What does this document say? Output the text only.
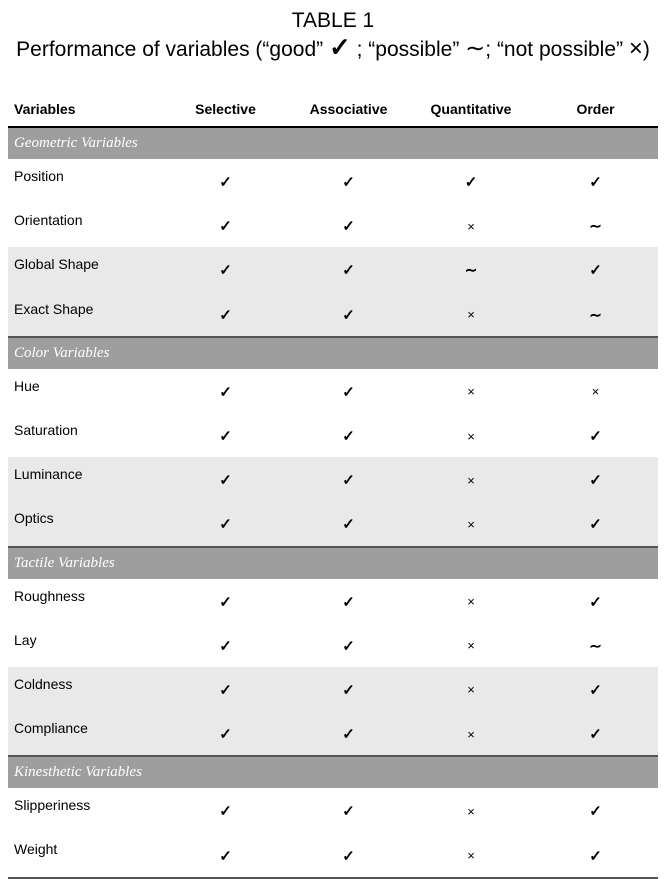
TABLE 1
Performance of variables (“good” ✓ ; “possible” ∼; “not possible” ×)
Variables	Selective	Associative	Quantitative	Order
Geometric Variables				
Position	✓	✓	✓	✓
Orientation	✓	✓	×	∼
Global Shape	✓	✓	∼	✓
Exact Shape	✓	✓	×	∼
Color Variables				
Hue	✓	✓	×	×
Saturation	✓	✓	×	✓
Luminance	✓	✓	×	✓
Optics	✓	✓	×	✓
Tactile Variables				
Roughness	✓	✓	×	✓
Lay	✓	✓	×	∼
Coldness	✓	✓	×	✓
Compliance	✓	✓	×	✓
Kinesthetic Variables				
Slipperiness	✓	✓	×	✓
Weight	✓	✓	×	✓
